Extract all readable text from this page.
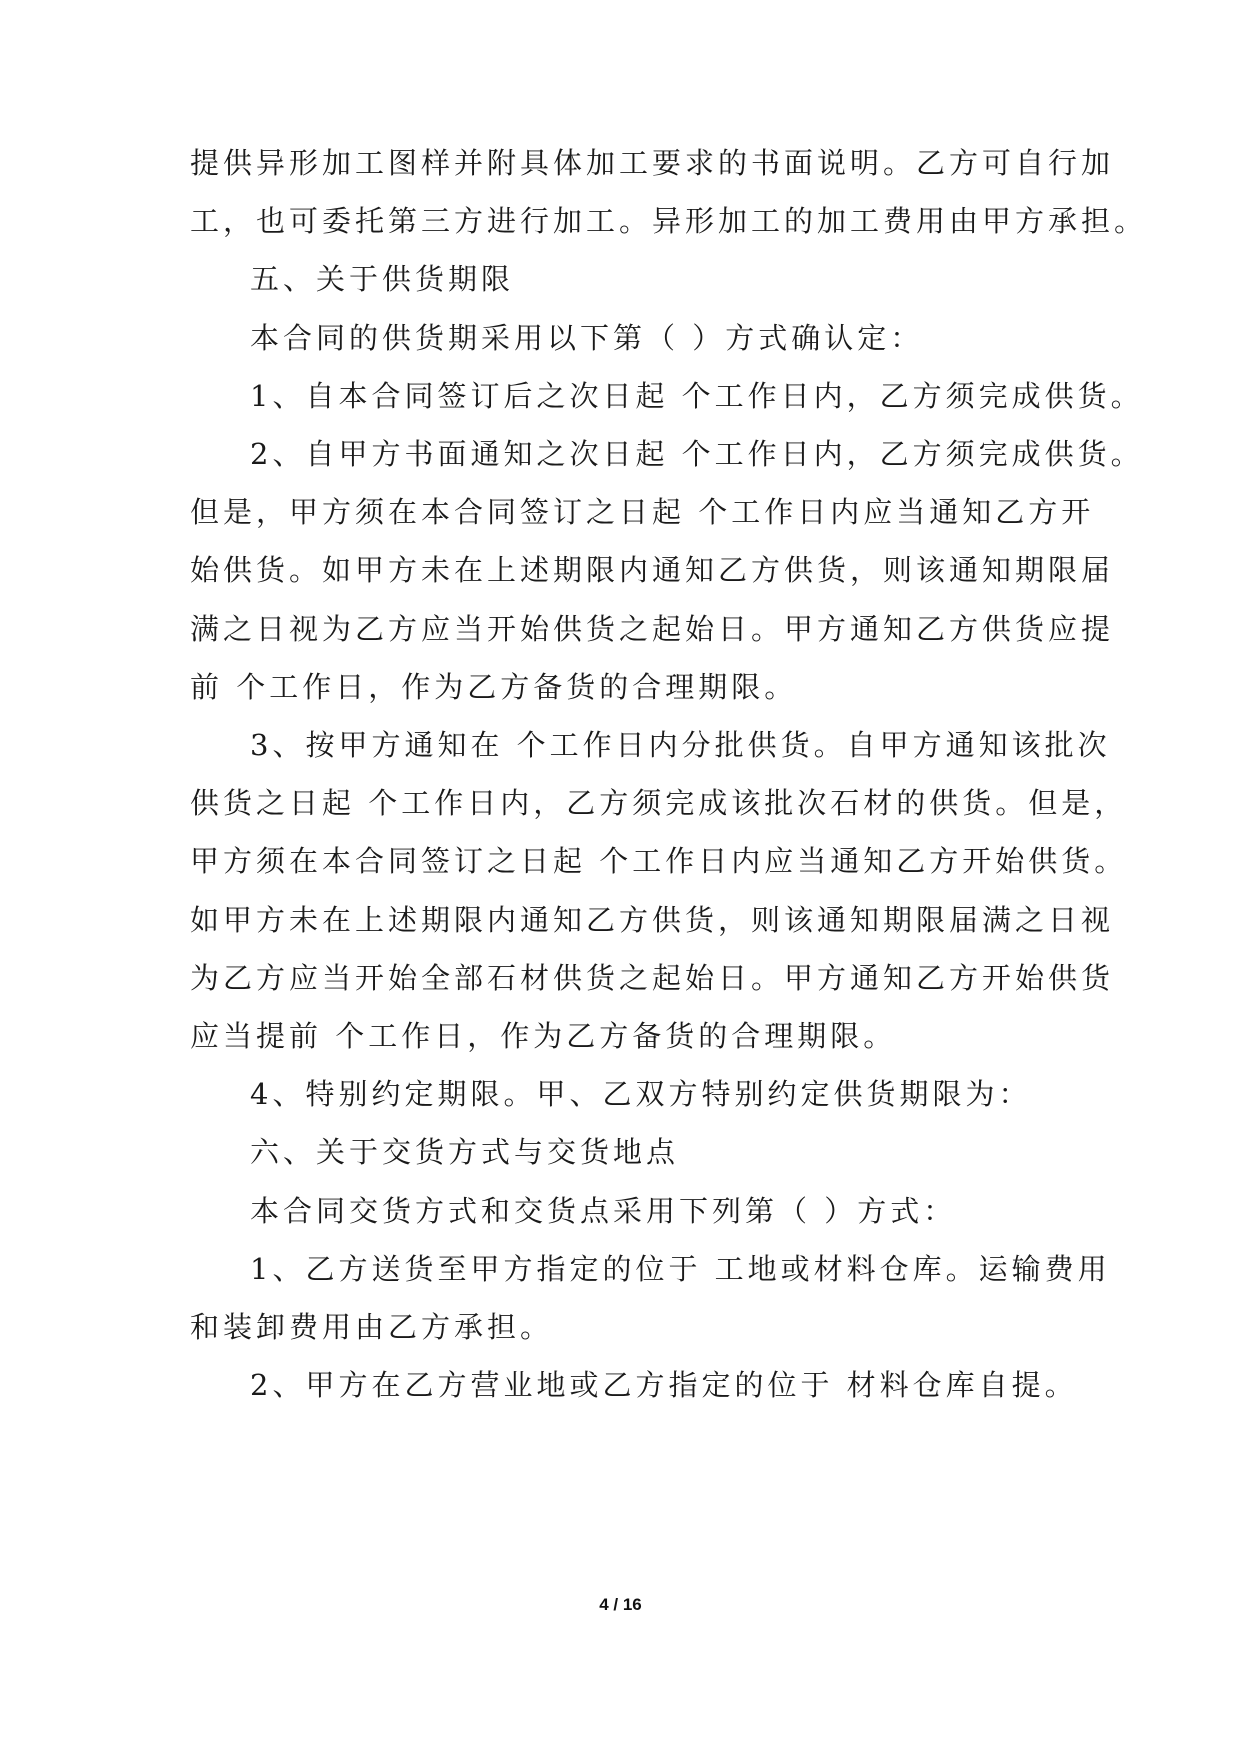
提供异形加工图样并附具体加工要求的书面说明。乙方可自行加
工，也可委托第三方进行加工。异形加工的加工费用由甲方承担。
五、关于供货期限
本合同的供货期采用以下第（ ）方式确认定：
1、自本合同签订后之次日起 个工作日内，乙方须完成供货。
2、自甲方书面通知之次日起 个工作日内，乙方须完成供货。
但是，甲方须在本合同签订之日起 个工作日内应当通知乙方开
始供货。如甲方未在上述期限内通知乙方供货，则该通知期限届
满之日视为乙方应当开始供货之起始日。甲方通知乙方供货应提
前 个工作日，作为乙方备货的合理期限。
3、按甲方通知在 个工作日内分批供货。自甲方通知该批次
供货之日起 个工作日内，乙方须完成该批次石材的供货。但是，
甲方须在本合同签订之日起 个工作日内应当通知乙方开始供货。
如甲方未在上述期限内通知乙方供货，则该通知期限届满之日视
为乙方应当开始全部石材供货之起始日。甲方通知乙方开始供货
应当提前 个工作日，作为乙方备货的合理期限。
4、特别约定期限。甲、乙双方特别约定供货期限为：
六、关于交货方式与交货地点
本合同交货方式和交货点采用下列第（ ）方式：
1、乙方送货至甲方指定的位于 工地或材料仓库。运输费用
和装卸费用由乙方承担。
2、甲方在乙方营业地或乙方指定的位于 材料仓库自提。
4 / 16
